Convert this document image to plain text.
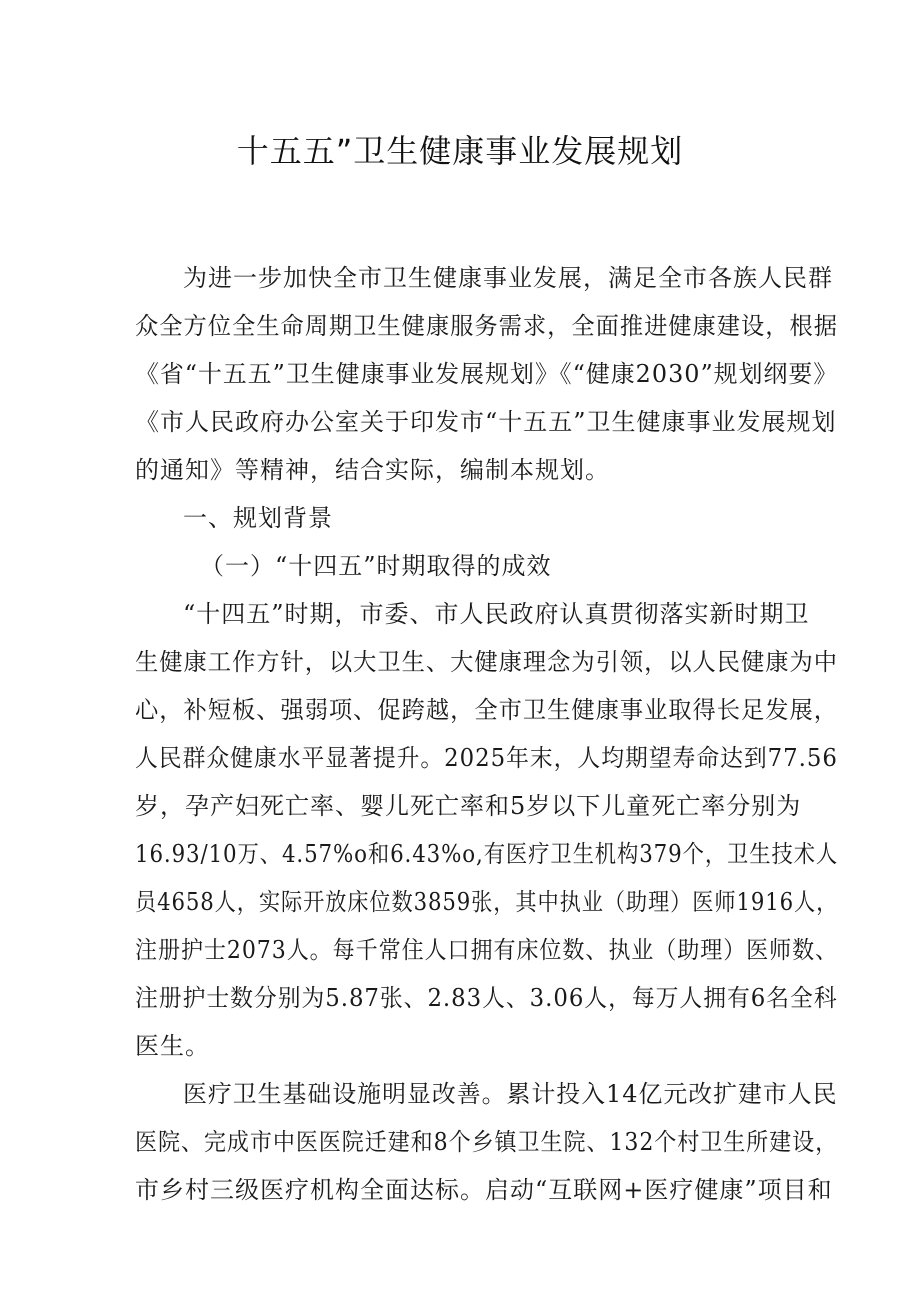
十五五”卫生健康事业发展规划
为进一步加快全市卫生健康事业发展，满足全市各族人民群
众全方位全生命周期卫生健康服务需求，全面推进健康建设，根据
《省“十五五”卫生健康事业发展规划》《“健康2030”规划纲要》
《市人民政府办公室关于印发市“十五五”卫生健康事业发展规划
的通知》等精神，结合实际，编制本规划。
一、规划背景
（一）“十四五”时期取得的成效
“十四五”时期，市委、市人民政府认真贯彻落实新时期卫
生健康工作方针，以大卫生、大健康理念为引领，以人民健康为中
心，补短板、强弱项、促跨越，全市卫生健康事业取得长足发展，
人民群众健康水平显著提升。2025年末，人均期望寿命达到77.56
岁，孕产妇死亡率、婴儿死亡率和5岁以下儿童死亡率分别为
16.93/10万、4.57%o和6.43%o,有医疗卫生机构379个，卫生技术人
员4658人，实际开放床位数3859张，其中执业（助理）医师1916人，
注册护士2073人。每千常住人口拥有床位数、执业（助理）医师数、
注册护士数分别为5.87张、2.83人、3.06人，每万人拥有6名全科
医生。
医疗卫生基础设施明显改善。累计投入14亿元改扩建市人民
医院、完成市中医医院迁建和8个乡镇卫生院、132个村卫生所建设，
市乡村三级医疗机构全面达标。启动“互联网+医疗健康”项目和
